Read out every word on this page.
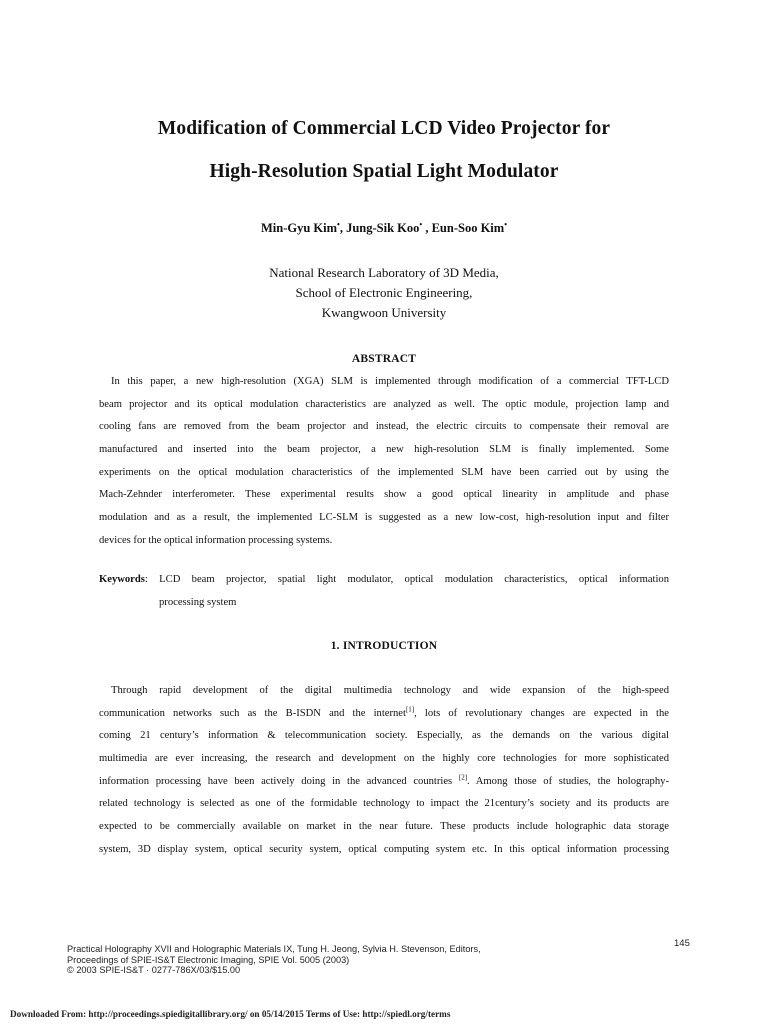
Modification of Commercial LCD Video Projector for
High-Resolution Spatial Light Modulator
Min-Gyu Kim•, Jung-Sik Koo• , Eun-Soo Kim•
National Research Laboratory of 3D Media,
School of Electronic Engineering,
Kwangwoon University
ABSTRACT
In this paper, a new high-resolution (XGA) SLM is implemented through modification of a commercial TFT-LCD
beam projector and its optical modulation characteristics are analyzed as well. The optic module, projection lamp and
cooling fans are removed from the beam projector and instead, the electric circuits to compensate their removal are
manufactured and inserted into the beam projector, a new high-resolution SLM is finally implemented. Some
experiments on the optical modulation characteristics of the implemented SLM have been carried out by using the
Mach-Zehnder interferometer. These experimental results show a good optical linearity in amplitude and phase
modulation and as a result, the implemented LC-SLM is suggested as a new low-cost, high-resolution input and filter
devices for the optical information processing systems.
Keywords: LCD beam projector, spatial light modulator, optical modulation characteristics, optical information
processing system
1. INTRODUCTION
Through rapid development of the digital multimedia technology and wide expansion of the high-speed
communication networks such as the B-ISDN and the internet[1], lots of revolutionary changes are expected in the
coming 21 century’s information & telecommunication society. Especially, as the demands on the various digital
multimedia are ever increasing, the research and development on the highly core technologies for more sophisticated
information processing have been actively doing in the advanced countries [2]. Among those of studies, the holography-
related technology is selected as one of the formidable technology to impact the 21century’s society and its products are
expected to be commercially available on market in the near future. These products include holographic data storage
system, 3D display system, optical security system, optical computing system etc. In this optical information processing
145
Practical Holography XVII and Holographic Materials IX, Tung H. Jeong, Sylvia H. Stevenson, Editors,
Proceedings of SPIE-IS&T Electronic Imaging, SPIE Vol. 5005 (2003)
© 2003 SPIE-IS&T · 0277-786X/03/$15.00
Downloaded From: http://proceedings.spiedigitallibrary.org/ on 05/14/2015 Terms of Use: http://spiedl.org/terms
